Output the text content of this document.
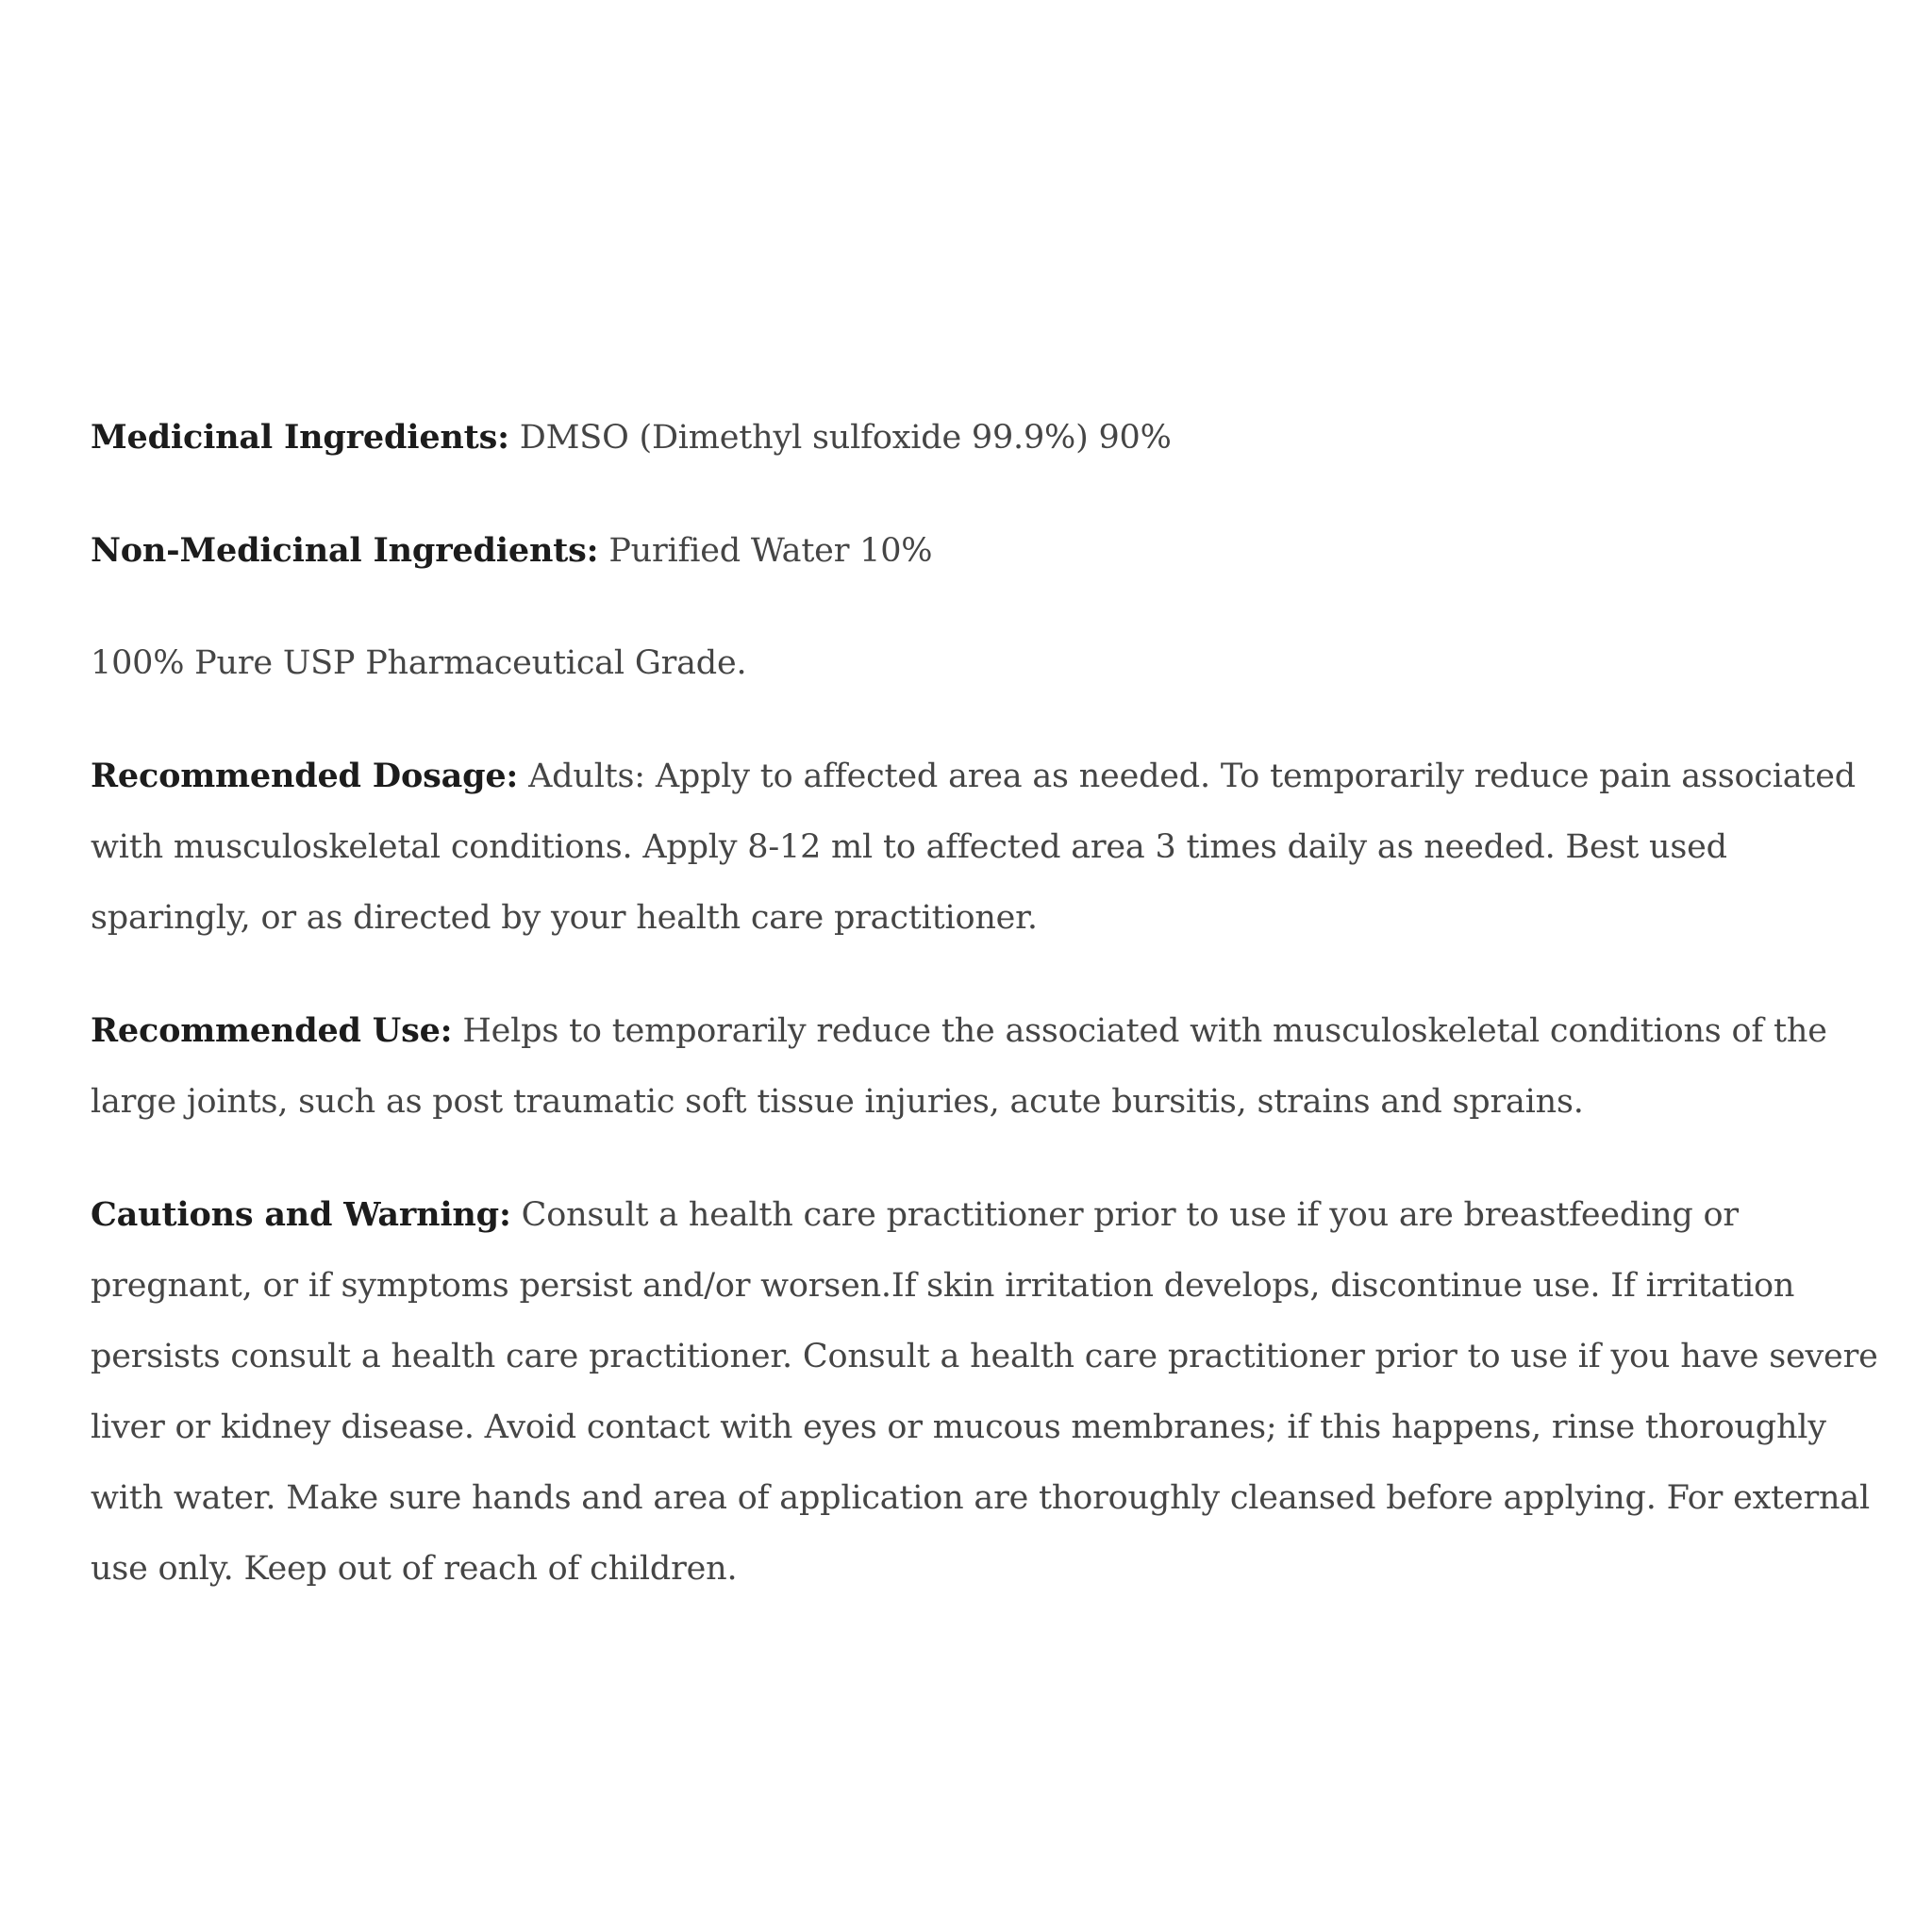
Medicinal Ingredients: DMSO (Dimethyl sulfoxide 99.9%) 90%

Non-Medicinal Ingredients: Purified Water 10%

100% Pure USP Pharmaceutical Grade.

Recommended Dosage: Adults: Apply to affected area as needed. To temporarily reduce pain associated with musculoskeletal conditions. Apply 8-12 ml to affected area 3 times daily as needed. Best used sparingly, or as directed by your health care practitioner.

Recommended Use: Helps to temporarily reduce the associated with musculoskeletal conditions of the large joints, such as post traumatic soft tissue injuries, acute bursitis, strains and sprains.

Cautions and Warning: Consult a health care practitioner prior to use if you are breastfeeding or pregnant, or if symptoms persist and/or worsen.If skin irritation develops, discontinue use. If irritation persists consult a health care practitioner. Consult a health care practitioner prior to use if you have severe liver or kidney disease. Avoid contact with eyes or mucous membranes; if this happens, rinse thoroughly with water. Make sure hands and area of application are thoroughly cleansed before applying. For external use only. Keep out of reach of children.
